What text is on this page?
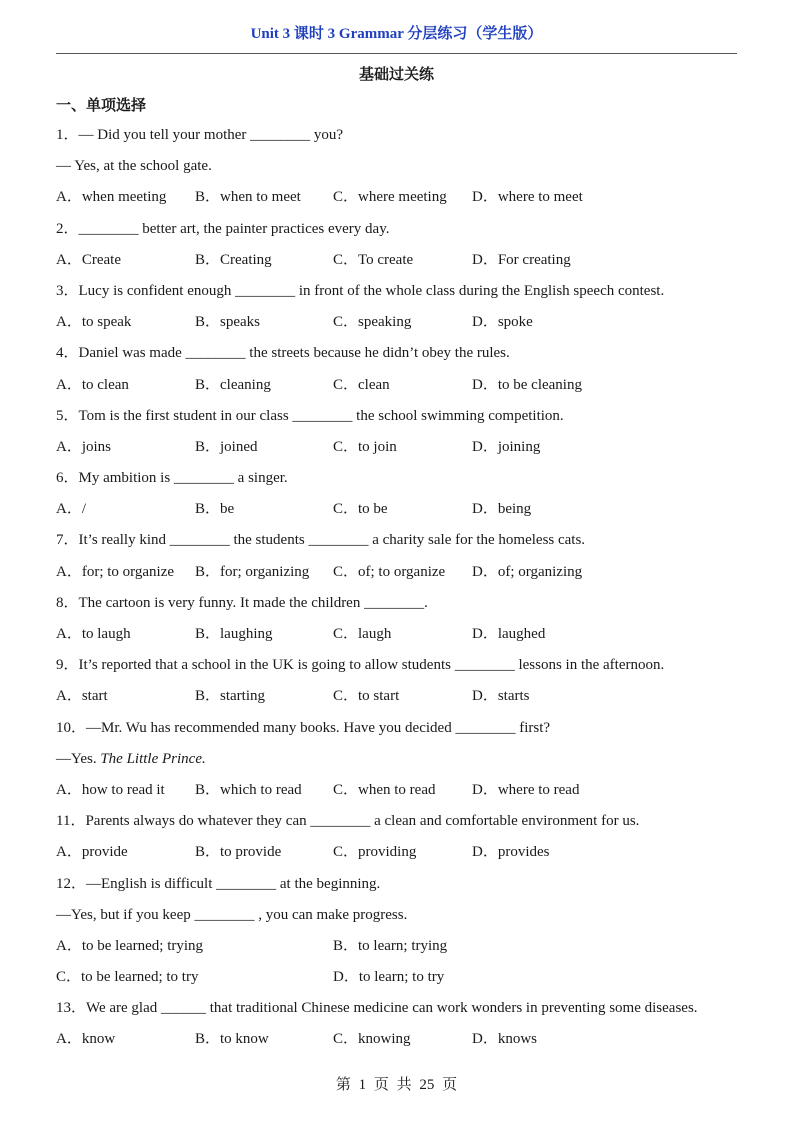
Unit 3 课时 3 Grammar 分层练习（学生版）
基础过关练
一、单项选择
1．— Did you tell your mother ________ you?
— Yes, at the school gate.
A．when meeting B．when to meet C．where meeting D．where to meet
2．________ better art, the painter practices every day.
A．Create	B．Creating	C．To create	D．For creating
3．Lucy is confident enough ________ in front of the whole class during the English speech contest.
A．to speak	B．speaks	C．speaking	D．spoke
4．Daniel was made ________ the streets because he didn’t obey the rules.
A．to clean	B．cleaning	C．clean	D．to be cleaning
5．Tom is the first student in our class ________ the school swimming competition.
A．joins	B．joined	C．to join	D．joining
6．My ambition is ________ a singer.
A．/	B．be	C．to be	D．being
7．It’s really kind ________ the students ________ a charity sale for the homeless cats.
A．for; to organize B．for; organizing C．of; to organize D．of; organizing
8．The cartoon is very funny. It made the children ________.
A．to laugh	B．laughing	C．laugh	D．laughed
9．It’s reported that a school in the UK is going to allow students ________ lessons in the afternoon.
A．start	B．starting	C．to start	D．starts
10．—Mr. Wu has recommended many books. Have you decided ________ first?
—Yes. The Little Prince.
A．how to read it B．which to read C．when to read D．where to read
11．Parents always do whatever they can ________ a clean and comfortable environment for us.
A．provide	B．to provide	C．providing	D．provides
12．—English is difficult ________ at the beginning.
—Yes, but if you keep ________ , you can make progress.
A．to be learned; trying	B．to learn; trying
C．to be learned; to try	D．to learn; to try
13．We are glad ______ that traditional Chinese medicine can work wonders in preventing some diseases.
A．know	B．to know	C．knowing	D．knows
第 1 页 共 25 页
